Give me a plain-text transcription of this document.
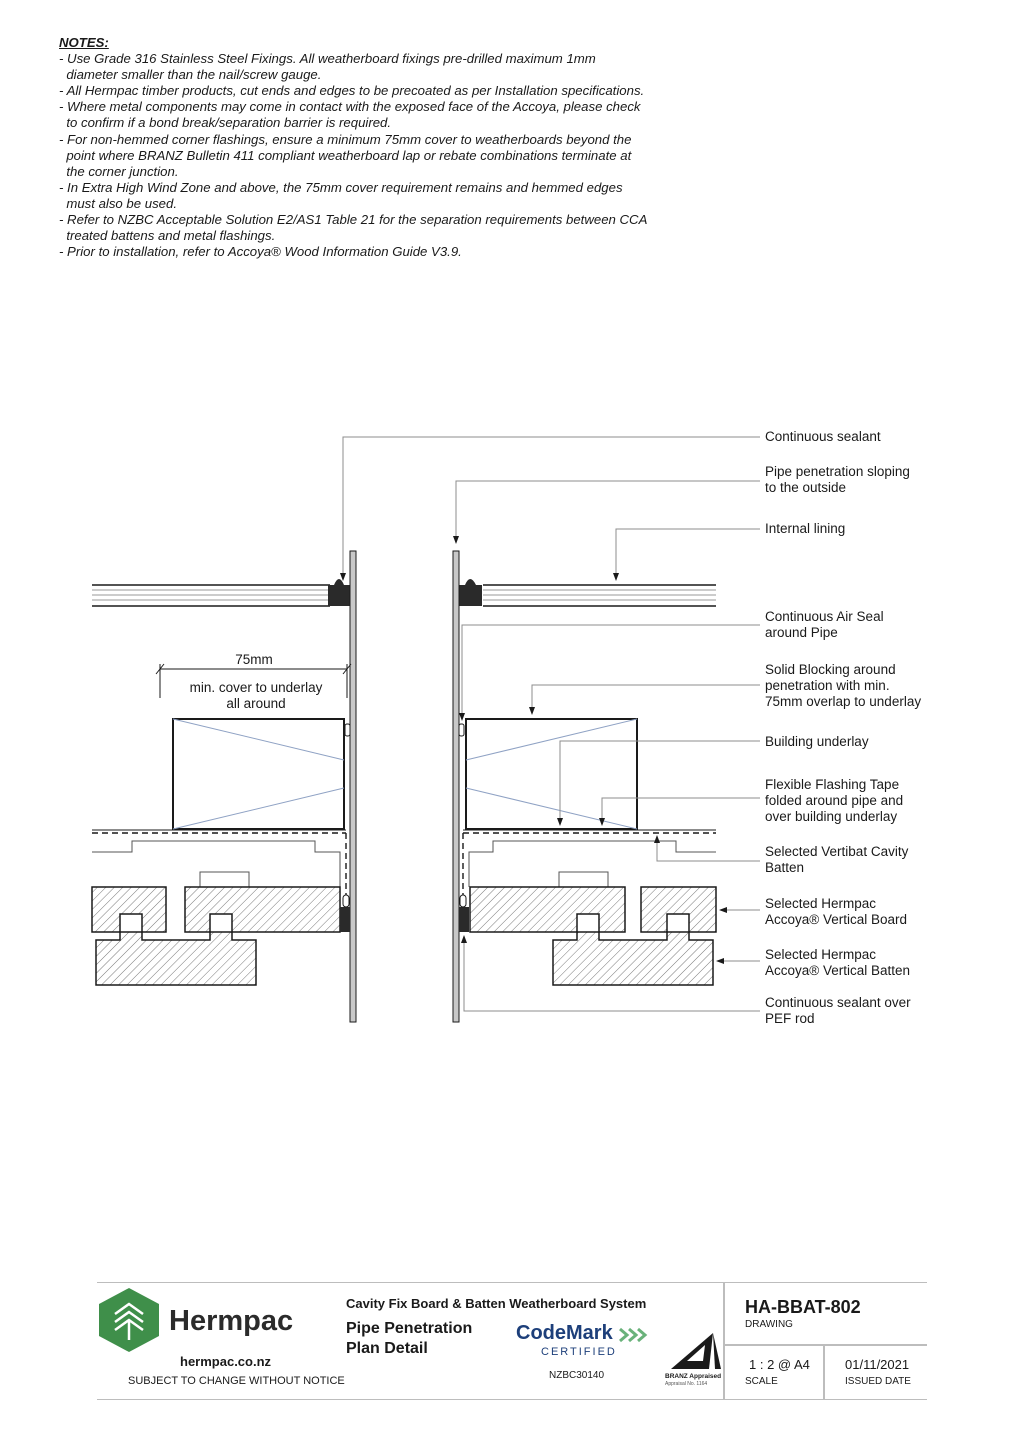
NOTES:
- Use Grade 316 Stainless Steel Fixings. All weatherboard fixings pre-drilled maximum 1mm
diameter smaller than the nail/screw gauge.
- All Hermpac timber products, cut ends and edges to be precoated as per Installation specifications.
- Where metal components may come in contact with the exposed face of the Accoya, please check
to confirm if a bond break/separation barrier is required.
- For non-hemmed corner flashings, ensure a minimum 75mm cover to weatherboards beyond the
point where BRANZ Bulletin 411 compliant weatherboard lap or rebate combinations terminate at
the corner junction.
- In Extra High Wind Zone and above, the 75mm cover requirement remains and hemmed edges
must also be used.
- Refer to NZBC Acceptable Solution E2/AS1 Table 21 for the separation requirements between CCA
treated battens and metal flashings.
- Prior to installation, refer to Accoya® Wood Information Guide V3.9.
75mm
min. cover to underlay
all around
Continuous sealant
Pipe penetration sloping
to the outside
Internal lining
Continuous Air Seal
around Pipe
Solid Blocking around
penetration with min.
75mm overlap to underlay
Building underlay
Flexible Flashing Tape
folded around pipe and
over building underlay
Selected Vertibat Cavity
Batten
Selected Hermpac
Accoya® Vertical Board
Selected Hermpac
Accoya® Vertical Batten
Continuous sealant over
PEF rod
Hermpac
hermpac.co.nz
SUBJECT TO CHANGE WITHOUT NOTICE
Cavity Fix Board & Batten Weatherboard System
Pipe Penetration
Plan Detail
CodeMark
CERTIFIED
NZBC30140	BRANZ Appraised
Appraisal No. 1164
HA-BBAT-802
DRAWING
1 : 2 @ A4
SCALE
01/11/2021
ISSUED DATE
